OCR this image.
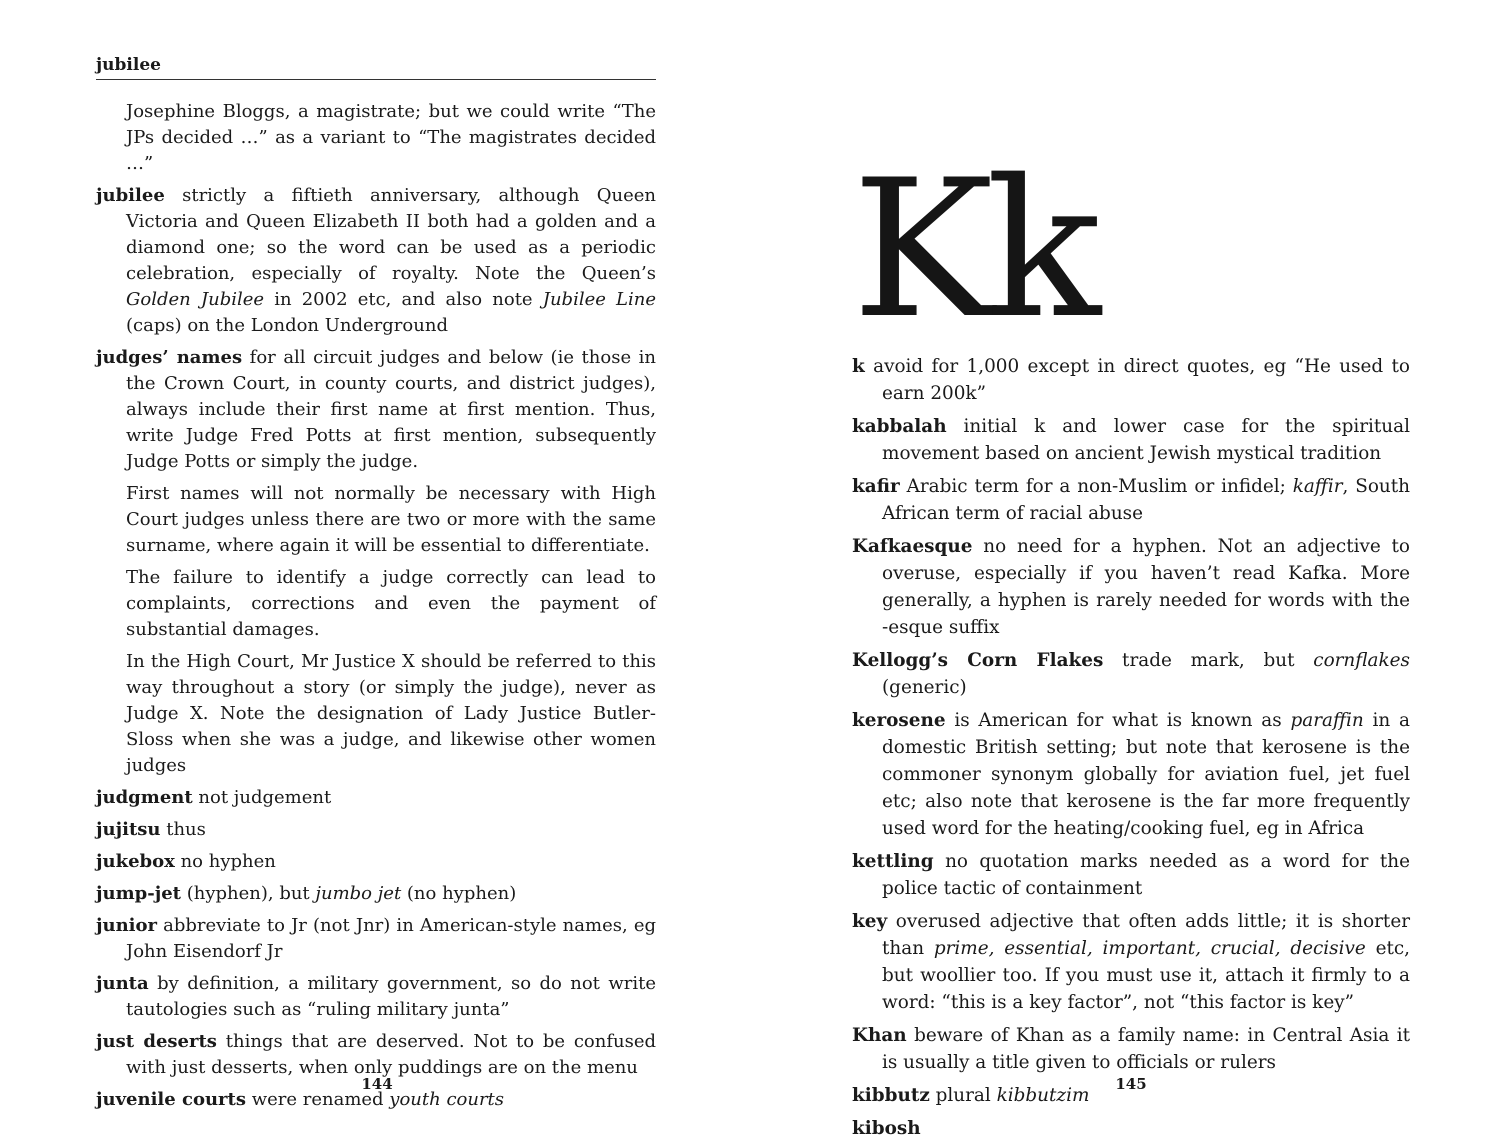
jubilee

Josephine Bloggs, a magistrate; but we could write “The JPs decided …” as a variant to “The magistrates decided …”

jubilee strictly a fiftieth anniversary, although Queen Victoria and Queen Elizabeth II both had a golden and a diamond one; so the word can be used as a periodic celebration, especially of royalty. Note the Queen’s Golden Jubilee in 2002 etc, and also note Jubilee Line (caps) on the London Underground

judges’ names for all circuit judges and below (ie those in the Crown Court, in county courts, and district judges), always include their first name at first mention. Thus, write Judge Fred Potts at first mention, subsequently Judge Potts or simply the judge.

First names will not normally be necessary with High Court judges unless there are two or more with the same surname, where again it will be essential to differentiate.

The failure to identify a judge correctly can lead to complaints, corrections and even the payment of substantial damages.

In the High Court, Mr Justice X should be referred to this way throughout a story (or simply the judge), never as Judge X. Note the designation of Lady Justice Butler-Sloss when she was a judge, and likewise other women judges

judgment not judgement

jujitsu thus

jukebox no hyphen

jump-jet (hyphen), but jumbo jet (no hyphen)

junior abbreviate to Jr (not Jnr) in American-style names, eg John Eisendorf Jr

junta by definition, a military government, so do not write tautologies such as “ruling military junta”

just deserts things that are deserved. Not to be confused with just desserts, when only puddings are on the menu

juvenile courts were renamed youth courts

144
Kk

k avoid for 1,000 except in direct quotes, eg “He used to earn 200k”

kabbalah initial k and lower case for the spiritual movement based on ancient Jewish mystical tradition

kafir Arabic term for a non-Muslim or infidel; kaffir, South African term of racial abuse

Kafkaesque no need for a hyphen. Not an adjective to overuse, especially if you haven’t read Kafka. More generally, a hyphen is rarely needed for words with the -esque suffix

Kellogg’s Corn Flakes trade mark, but cornflakes (generic)

kerosene is American for what is known as paraffin in a domestic British setting; but note that kerosene is the commoner synonym globally for aviation fuel, jet fuel etc; also note that kerosene is the far more frequently used word for the heating/cooking fuel, eg in Africa

kettling no quotation marks needed as a word for the police tactic of containment

key overused adjective that often adds little; it is shorter than prime, essential, important, crucial, decisive etc, but woollier too. If you must use it, attach it firmly to a word: “this is a key factor”, not “this factor is key”

Khan beware of Khan as a family name: in Central Asia it is usually a title given to officials or rulers

kibbutz plural kibbutzim

kibosh

145
